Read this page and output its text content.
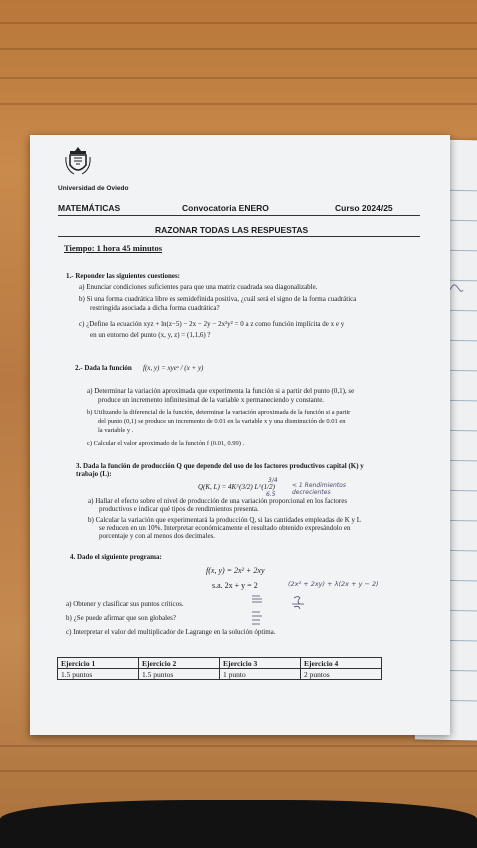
Universidad de Oviedo
MATEMÁTICAS	Convocatoria ENERO	Curso 2024/25
RAZONAR TODAS LAS RESPUESTAS
Tiempo: 1 hora 45 minutos
1.- Reponder las siguientes cuestiones:
a) Enunciar condiciones suficientes para que una matriz cuadrada sea diagonalizable.
b) Si una forma cuadrática libre es semidefinida positiva, ¿cuál será el signo de la forma cuadrática
restringida asociada a dicha forma cuadrática?
c) ¿Define la ecuación xyz + ln(z−5) − 2x − 2y − 2x²y² = 0 a z como función implícita de x e y
en un entorno del punto (x, y, z) = (1,1,6) ?
2.- Dada la función f(x, y) = xyeˣ / (x + y)
a) Determinar la variación aproximada que experimenta la función si a partir del punto (0,1), se
produce un incremento infinitesimal de la variable x permaneciendo y constante.
b) Utilizando la diferencial de la función, determinar la variación aproximada de la función si a partir
del punto (0,1) se produce un incremento de 0.01 en la variable x y una disminución de 0.01 en
la variable y .
c) Calcular el valor aproximado de la función f (0.01, 0.99) .
3. Dada la función de producción Q que depende del uso de los factores productivos capital (K) y
trabajo (L):
Q(K, L) = 4K^(3/2) L^(1/2)
a) Hallar el efecto sobre el nivel de producción de una variación proporcional en los factores
productivos e indicar qué tipos de rendimientos presenta.
b) Calcular la variación que experimentará la producción Q, si las cantidades empleadas de K y L
se reducen en un 10%. Interpretar económicamente el resultado obtenido expresándolo en
porcentaje y con al menos dos decimales.
4. Dado el siguiente programa:
f(x, y) = 2x² + 2xy
s.a. 2x + y = 2
a) Obtener y clasificar sus puntos críticos.
b) ¿Se puede afirmar que son globales?
c) Interpretar el valor del multiplicador de Lagrange en la solución óptima.
3/4
< 1 Rendimientos decrecientes
6.5
(2x² + 2xy) + λ(2x + y − 2)
Ejercicio 1	Ejercicio 2	Ejercicio 3	Ejercicio 4
1.5 puntos	1.5 puntos	1 punto	2 puntos
